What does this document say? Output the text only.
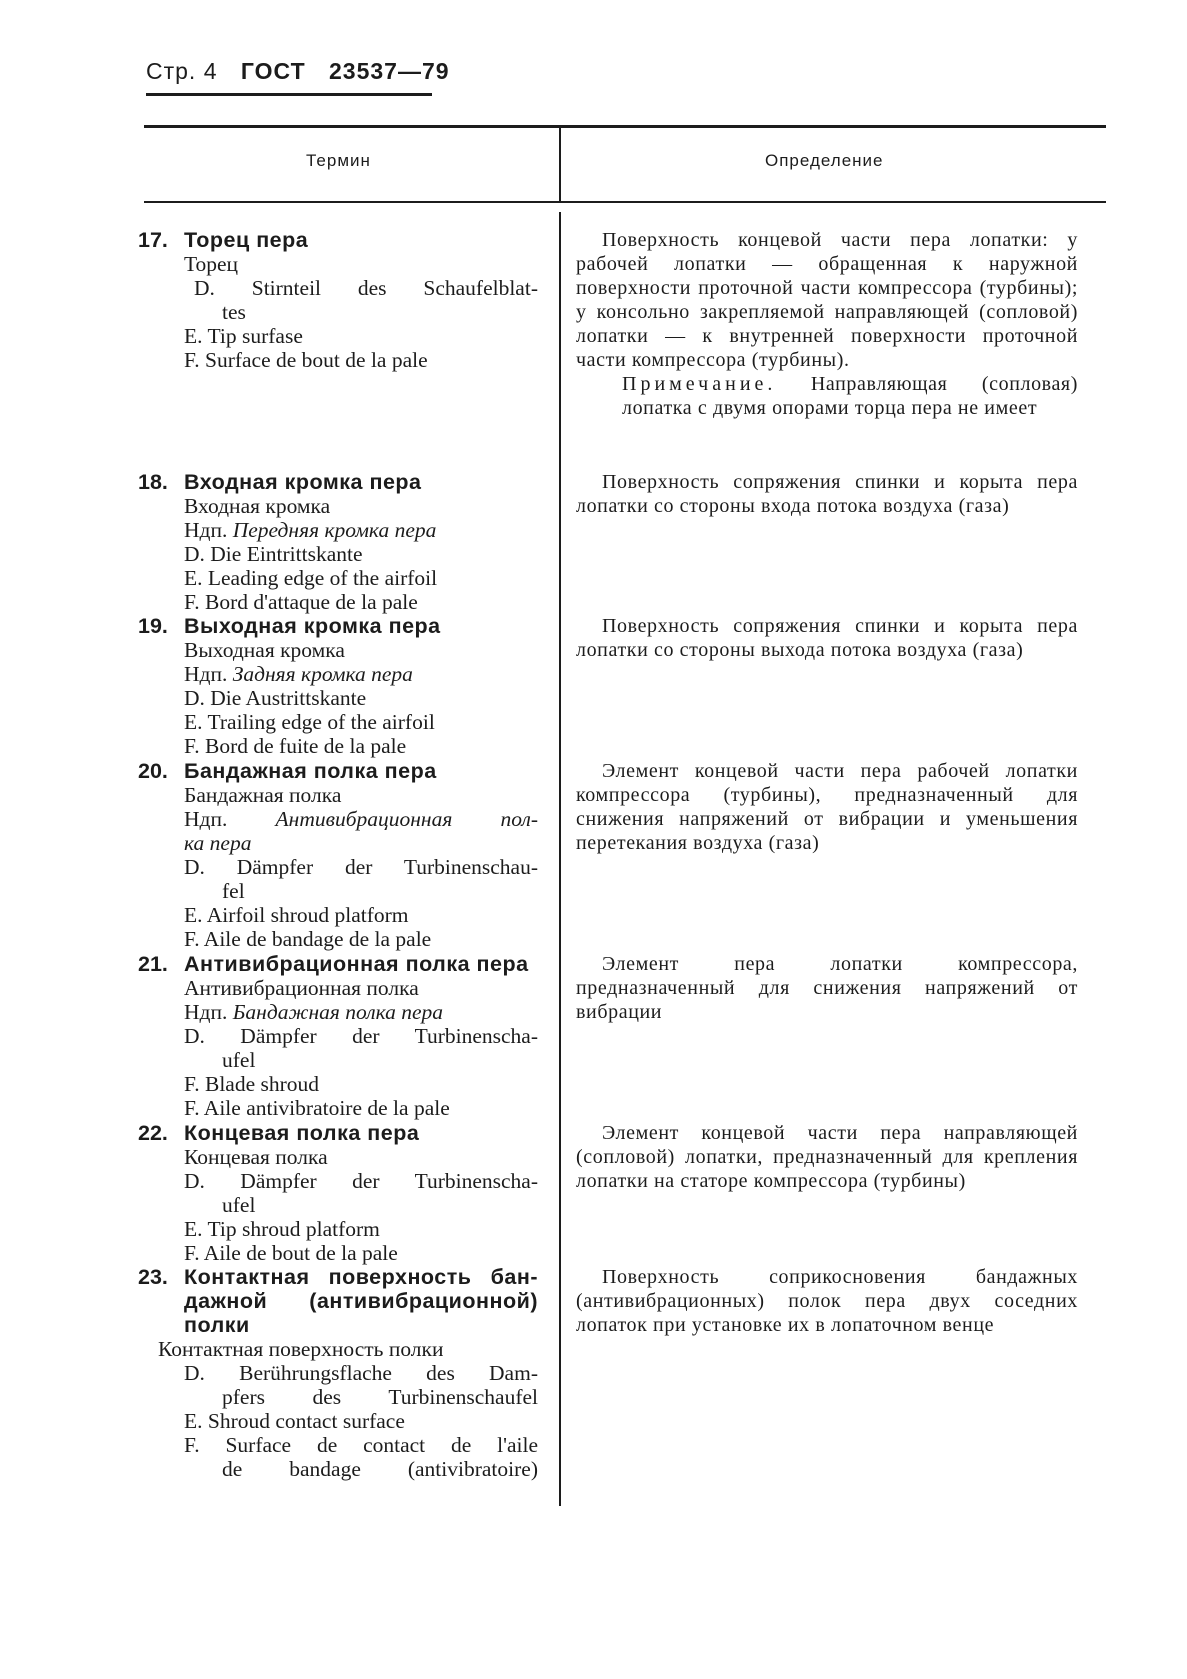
Стр. 4 ГОСТ 23537—79
Термин	Определение
17. Торец пера
Торец
D. Stirnteil des Schaufelblat-
tes
E. Tip surfase
F. Surface de bout de la pale

Поверхность концевой части пера лопатки: у рабочей лопатки — обращенная к наружной поверхности проточной части компрессора (турбины); у консольно закрепляемой направляющей (сопловой) лопатки — к внутренней поверхности проточной части компрессора (турбины).

Примечание. Направляющая (сопловая) лопатка с двумя опорами торца пера не имеет

18. Входная кромка пера
Входная кромка
Ндп. Передняя кромка пера
D. Die Eintrittskante
E. Leading edge of the airfoil
F. Bord d'attaque de la pale

Поверхность сопряжения спинки и корыта пера лопатки со стороны входа потока воздуха (газа)

19. Выходная кромка пера
Выходная кромка
Ндп. Задняя кромка пера
D. Die Austrittskante
E. Trailing edge of the airfoil
F. Bord de fuite de la pale

Поверхность сопряжения спинки и корыта пера лопатки со стороны выхода потока воздуха (газа)

20. Бандажная полка пера
Бандажная полка
Ндп. Антивибрационная пол-
ка пера
D. Dämpfer der Turbinenschau-
fel
E. Airfoil shroud platform
F. Aile de bandage de la pale

Элемент концевой части пера рабочей лопатки компрессора (турбины), предназначенный для снижения напряжений от вибрации и уменьшения перетекания воздуха (газа)

21. Антивибрационная полка пера
Антивибрационная полка
Ндп. Бандажная полка пера
D. Dämpfer der Turbinenscha-
ufel
F. Blade shroud
F. Aile antivibratoire de la pale

Элемент пера лопатки компрессора, предназначенный для снижения напряжений от вибрации

22. Концевая полка пера
Концевая полка
D. Dämpfer der Turbinenscha-
ufel
E. Tip shroud platform
F. Aile de bout de la pale

Элемент концевой части пера направляющей (сопловой) лопатки, предназначенный для крепления лопатки на статоре компрессора (турбины)

23. Контактная поверхность бан-
дажной (антивибрационной)
полки
Контактная поверхность полки
D. Berührungsflache des Dam-
pfers des Turbinenschaufel
E. Shroud contact surface
F. Surface de contact de l'aile
de bandage (antivibratoire)

Поверхность соприкосновения бандажных (антивибрационных) полок пера двух соседних лопаток при установке их в лопаточном венце
